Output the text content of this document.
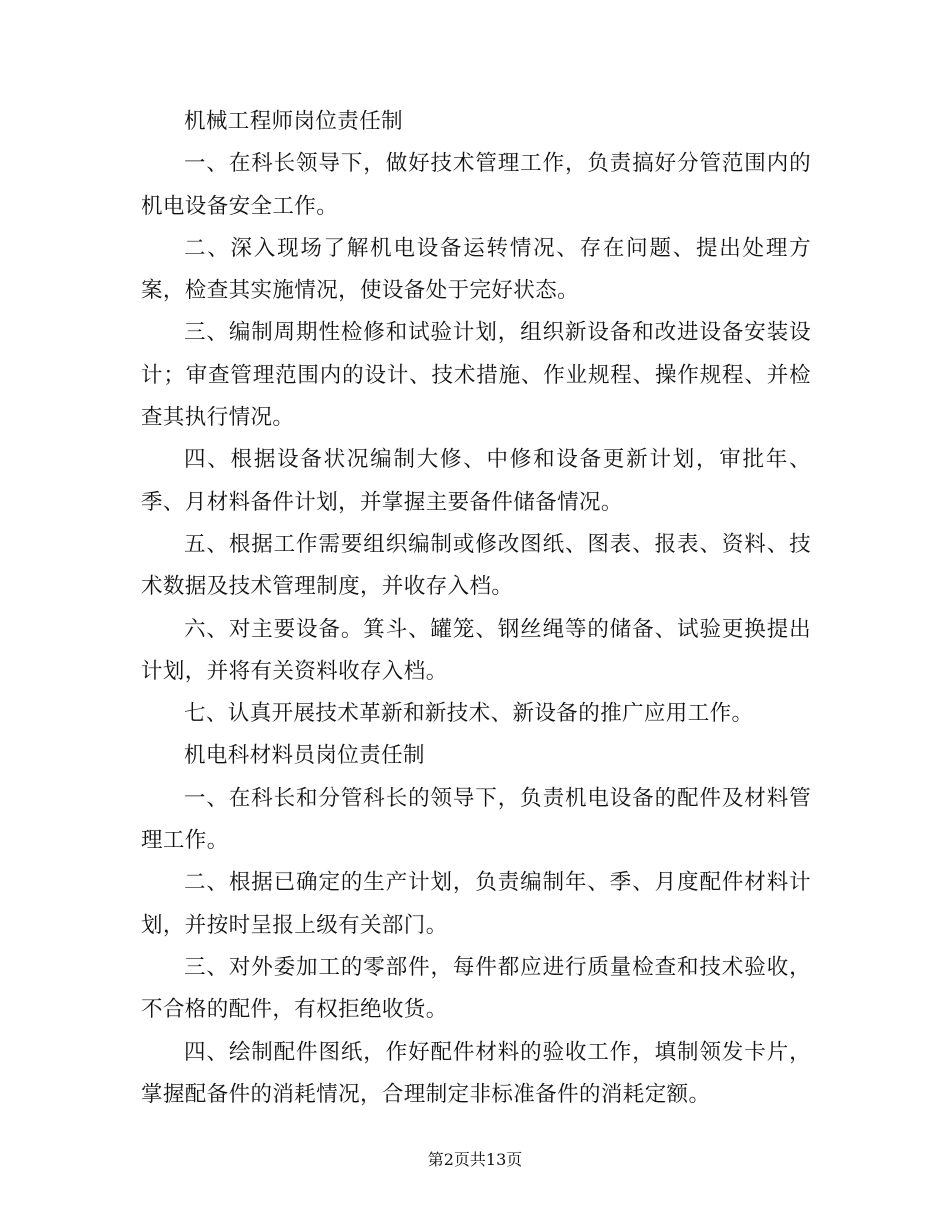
机械工程师岗位责任制

一、在科长领导下，做好技术管理工作，负责搞好分管范围内的机电设备安全工作。

二、深入现场了解机电设备运转情况、存在问题、提出处理方案，检查其实施情况，使设备处于完好状态。

三、编制周期性检修和试验计划，组织新设备和改进设备安装设计；审查管理范围内的设计、技术措施、作业规程、操作规程、并检查其执行情况。

四、根据设备状况编制大修、中修和设备更新计划，审批年、季、月材料备件计划，并掌握主要备件储备情况。

五、根据工作需要组织编制或修改图纸、图表、报表、资料、技术数据及技术管理制度，并收存入档。

六、对主要设备。箕斗、罐笼、钢丝绳等的储备、试验更换提出计划，并将有关资料收存入档。

七、认真开展技术革新和新技术、新设备的推广应用工作。

机电科材料员岗位责任制

一、在科长和分管科长的领导下，负责机电设备的配件及材料管理工作。

二、根据已确定的生产计划，负责编制年、季、月度配件材料计划，并按时呈报上级有关部门。

三、对外委加工的零部件，每件都应进行质量检查和技术验收，不合格的配件，有权拒绝收货。

四、绘制配件图纸，作好配件材料的验收工作，填制领发卡片，掌握配备件的消耗情况，合理制定非标准备件的消耗定额。

第2页共13页
